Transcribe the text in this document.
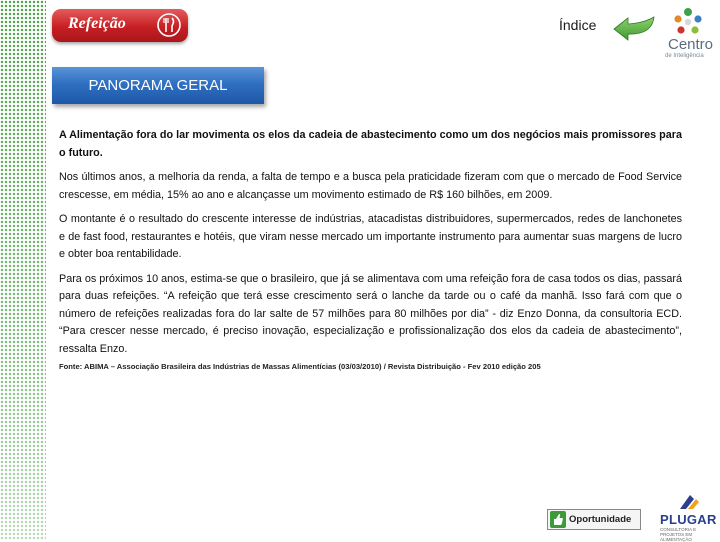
Refeição	Índice
Centro
de Inteligência
PANORAMA GERAL

A Alimentação fora do lar movimenta os elos da cadeia de abastecimento como um dos negócios mais promissores para o futuro.

Nos últimos anos, a melhoria da renda, a falta de tempo e a busca pela praticidade fizeram com que o mercado de Food Service crescesse, em média, 15% ao ano e alcançasse um movimento estimado de R$ 160 bilhões, em 2009.

O montante é o resultado do crescente interesse de indústrias, atacadistas distribuidores, supermercados, redes de lanchonetes e de fast food, restaurantes e hotéis, que viram nesse mercado um importante instrumento para aumentar suas margens de lucro e obter boa rentabilidade.

Para os próximos 10 anos, estima-se que o brasileiro, que já se alimentava com uma refeição fora de casa todos os dias, passará para duas refeições. “A refeição que terá esse crescimento será o lanche da tarde ou o café da manhã. Isso fará com que o número de refeições realizadas fora do lar salte de 57 milhões para 80 milhões por dia” - diz Enzo Donna, da consultoria ECD. “Para crescer nesse mercado, é preciso inovação, especialização e profissionalização dos elos da cadeia de abastecimento”, ressalta Enzo.

Fonte: ABIMA – Associação Brasileira das Indústrias de Massas Alimentícias (03/03/2010) / Revista Distribuição - Fev 2010 edição 205
Oportunidade PLUGAR
CONSULTORIA E PROJETOS EM ALIMENTAÇÃO
